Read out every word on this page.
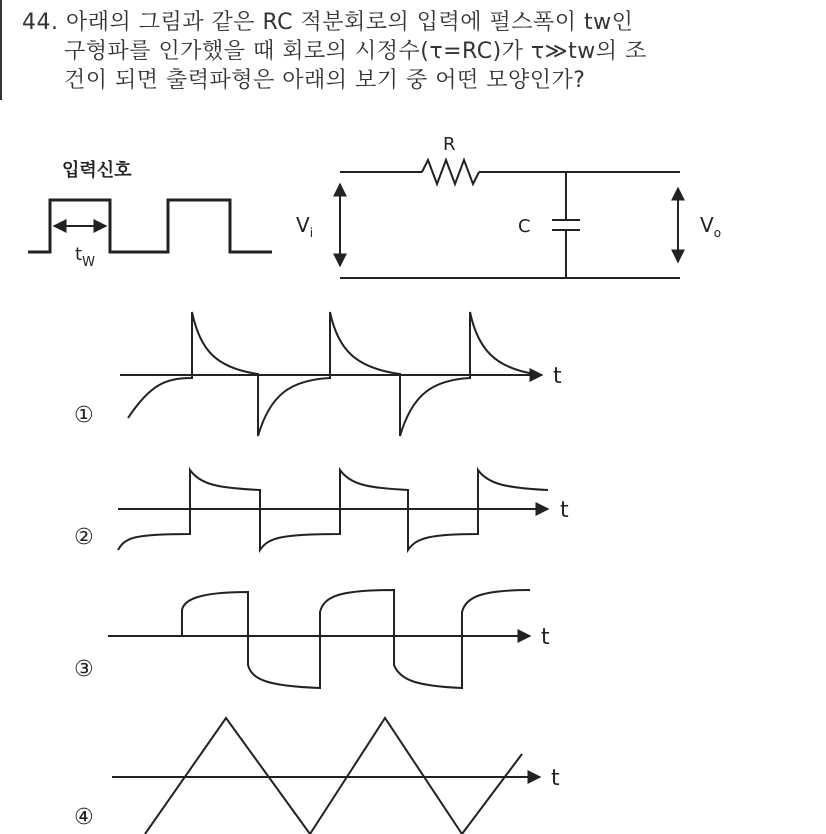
44. 아래의 그림과 같은 RC 적분회로의 입력에 펄스폭이 tw인
구형파를 인가했을 때 회로의 시정수(τ=RC)가 τ≫tw의 조
건이 되면 출력파형은 아래의 보기 중 어떤 모양인가?
입력신호
$t_W$
R
C
$V_i$	$V_o$
t
①
t
②
t
③
t
④
